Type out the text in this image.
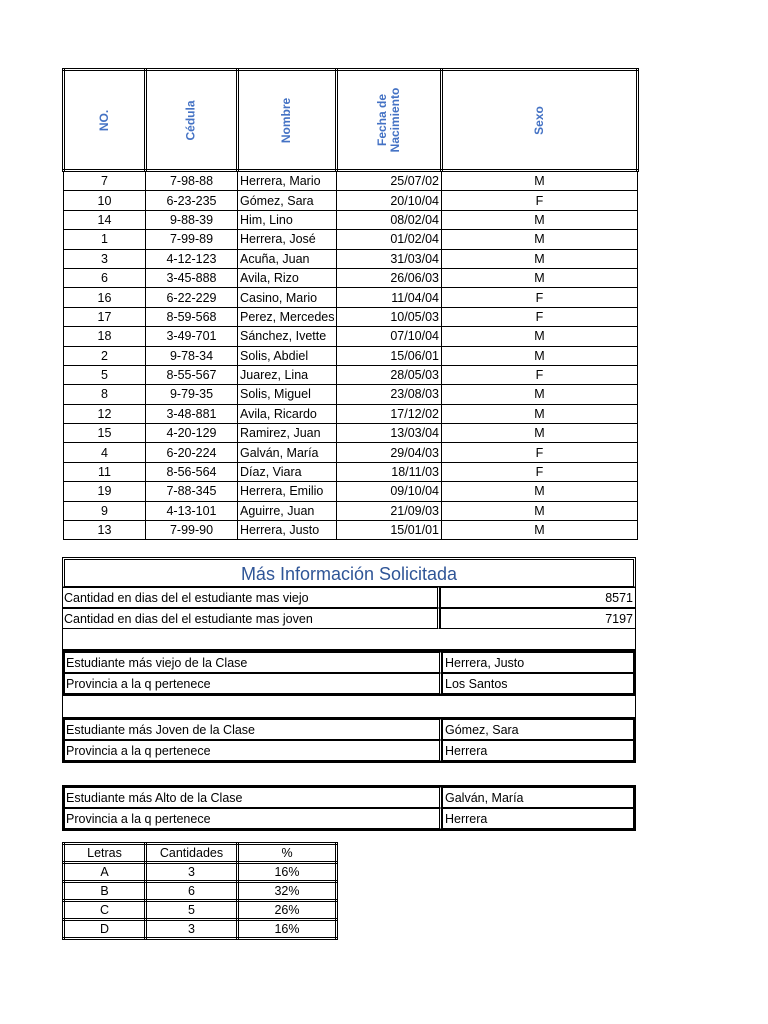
NO.	Cédula	Nombre	Fecha de Nacimiento	Sexo

7	7-98-88	Herrera, Mario	25/07/02	M
10	6-23-235	Gómez, Sara	20/10/04	F
14	9-88-39	Him, Lino	08/02/04	M
1	7-99-89	Herrera, José	01/02/04	M
3	4-12-123	Acuña, Juan	31/03/04	M
6	3-45-888	Avila, Rizo	26/06/03	M
16	6-22-229	Casino, Mario	11/04/04	F
17	8-59-568	Perez, Mercedes	10/05/03	F
18	3-49-701	Sánchez, Ivette	07/10/04	M
2	9-78-34	Solis, Abdiel	15/06/01	M
5	8-55-567	Juarez, Lina	28/05/03	F
8	9-79-35	Solis, Miguel	23/08/03	M
12	3-48-881	Avila, Ricardo	17/12/02	M
15	4-20-129	Ramirez, Juan	13/03/04	M
4	6-20-224	Galván, María	29/04/03	F
11	8-56-564	Díaz, Viara	18/11/03	F
19	7-88-345	Herrera, Emilio	09/10/04	M
9	4-13-101	Aguirre, Juan	21/09/03	M
13	7-99-90	Herrera, Justo	15/01/01	M
Más Información Solicitada
Cantidad en dias del el estudiante mas viejo	8571
Cantidad en dias del el estudiante mas joven	7197
Estudiante más viejo de la Clase	Herrera, Justo
Provincia a la q pertenece	Los Santos
Estudiante más Joven de la Clase	Gómez, Sara
Provincia a la q pertenece	Herrera
Estudiante más Alto de la Clase	Galván, María
Provincia a la q pertenece	Herrera
Letras	Cantidades	%
A	3	16%
B	6	32%
C	5	26%
D	3	16%
